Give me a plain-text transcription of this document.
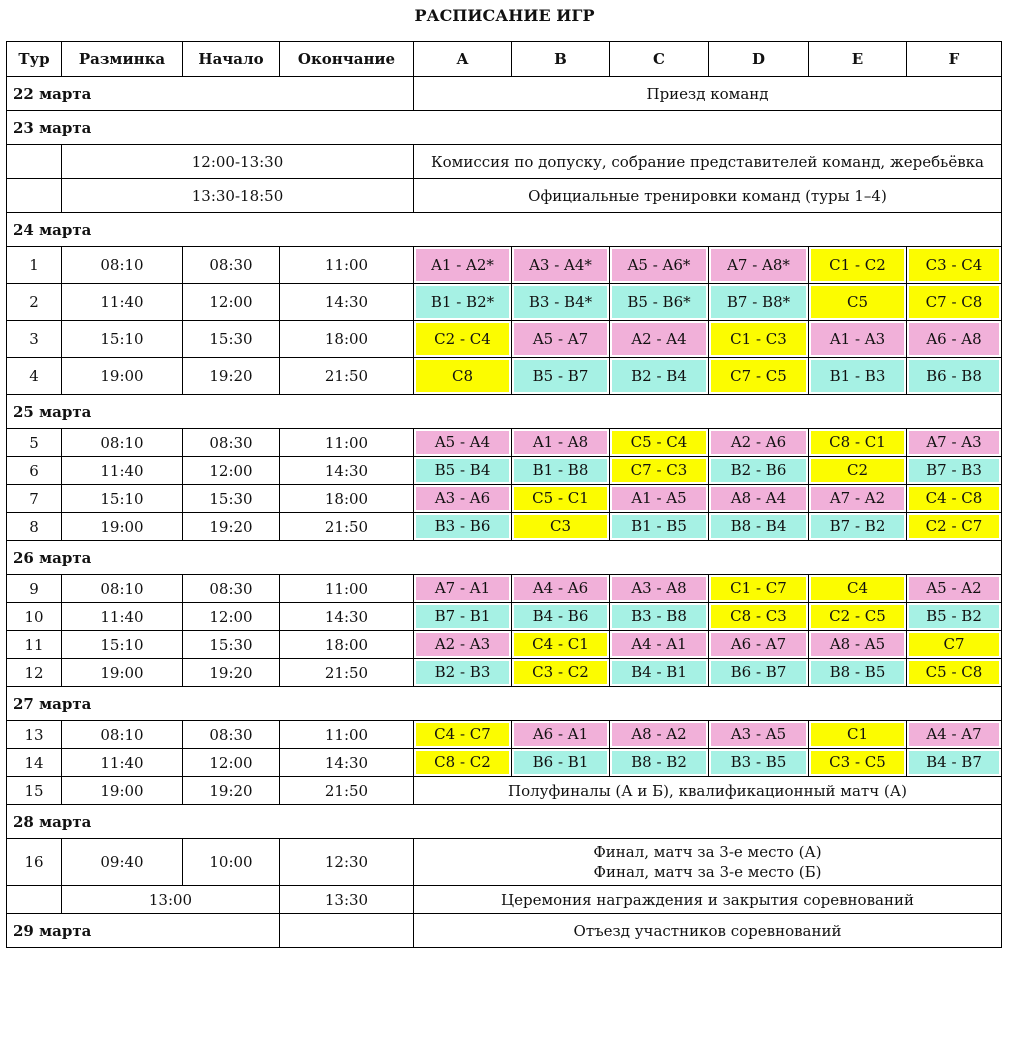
РАСПИСАНИЕ ИГР
Тур	Разминка	Начало	Окончание	A	B	C	D	E	F
22 марта				Приезд команд					
23 марта									
	12:00-13:30			Комиссия по допуску, собрание представителей команд, жеребьёвка					
	13:30-18:50			Официальные тренировки команд (туры 1–4)					
24 марта									
1	08:10	08:30	11:00	A1 - A2*	A3 - A4*	A5 - A6*	A7 - A8*	C1 - C2	C3 - C4

2	11:40	12:00	14:30	B1 - B2*	B3 - B4*	B5 - B6*	B7 - B8*	C5	C7 - C8

3	15:10	15:30	18:00	C2 - C4	A5 - A7	A2 - A4	C1 - C3	A1 - A3	A6 - A8

4	19:00	19:20	21:50	C8	B5 - B7	B2 - B4	C7 - C5	B1 - B3	B6 - B8

25 марта									
5	08:10	08:30	11:00	A5 - A4	A1 - A8	C5 - C4	A2 - A6	C8 - C1	A7 - A3

6	11:40	12:00	14:30	B5 - B4	B1 - B8	C7 - C3	B2 - B6	C2	B7 - B3

7	15:10	15:30	18:00	A3 - A6	C5 - C1	A1 - A5	A8 - A4	A7 - A2	C4 - C8

8	19:00	19:20	21:50	B3 - B6	C3	B1 - B5	B8 - B4	B7 - B2	C2 - C7

26 марта									
9	08:10	08:30	11:00	A7 - A1	A4 - A6	A3 - A8	C1 - C7	C4	A5 - A2

10	11:40	12:00	14:30	B7 - B1	B4 - B6	B3 - B8	C8 - C3	C2 - C5	B5 - B2

11	15:10	15:30	18:00	A2 - A3	C4 - C1	A4 - A1	A6 - A7	A8 - A5	C7

12	19:00	19:20	21:50	B2 - B3	C3 - C2	B4 - B1	B6 - B7	B8 - B5	C5 - C8

27 марта									
13	08:10	08:30	11:00	C4 - C7	A6 - A1	A8 - A2	A3 - A5	C1	A4 - A7

14	11:40	12:00	14:30	C8 - C2	B6 - B1	B8 - B2	B3 - B5	C3 - C5	B4 - B7

15	19:00	19:20	21:50	Полуфиналы (А и Б), квалификационный матч (А)					
28 марта									
16	09:40	10:00	12:30	Финал, матч за 3-е место (А)
Финал, матч за 3-е место (Б)					

	13:00		13:30	Церемония награждения и закрытия соревнований					
29 марта				Отъезд участников соревнований					
